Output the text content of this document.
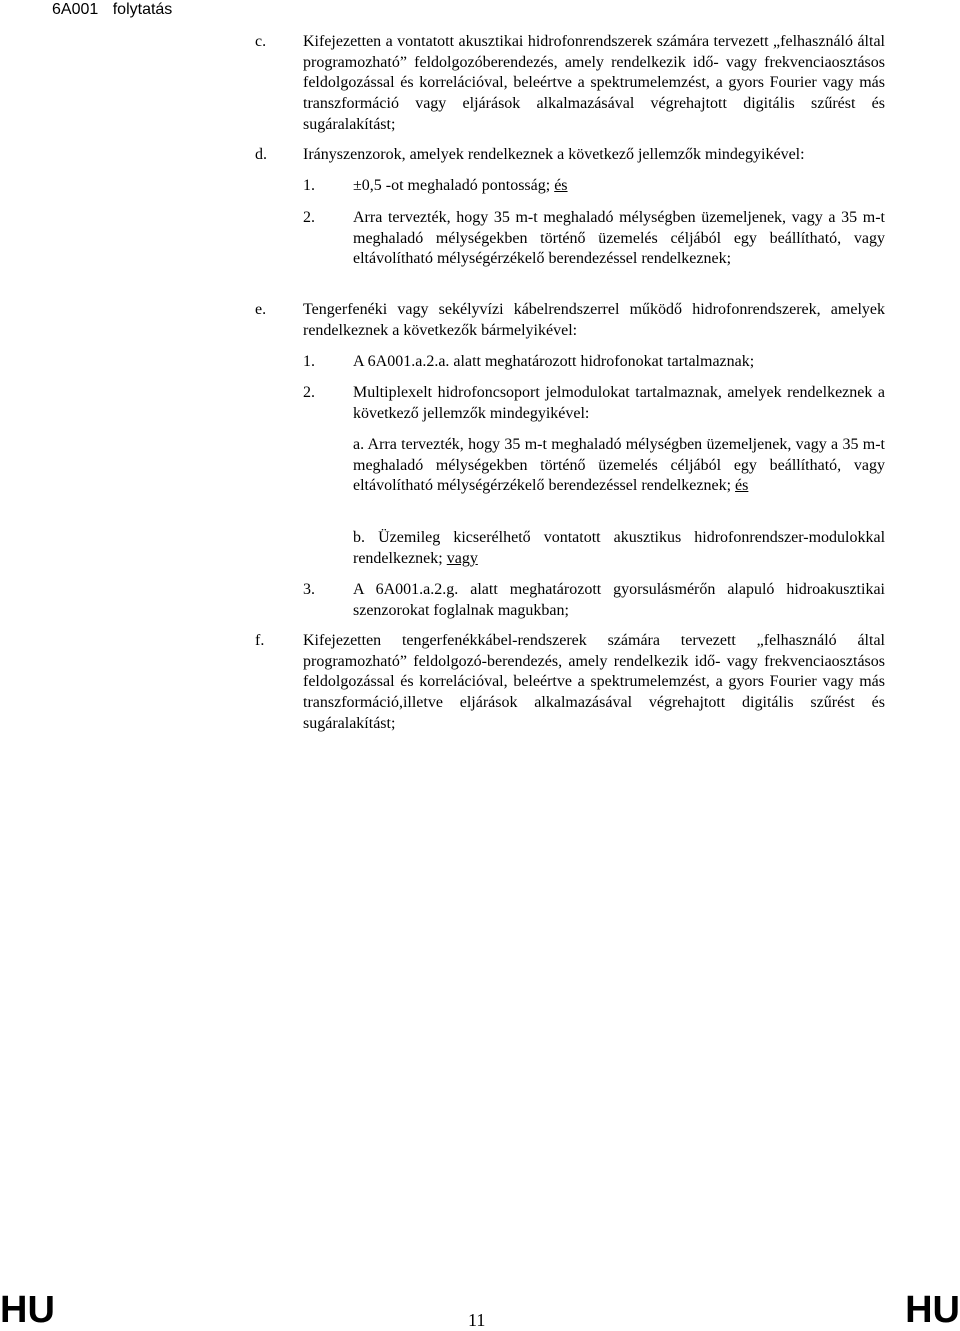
6A001 folytatás
c. Kifejezetten a vontatott akusztikai hidrofonrendszerek számára tervezett „felhasználó által programozható” feldolgozóberendezés, amely rendelkezik idő- vagy frekvenciaosztásos feldolgozással és korrelációval, beleértve a spektrumelemzést, a gyors Fourier vagy más transzformáció vagy eljárások alkalmazásával végrehajtott digitális szűrést és sugáralakítást;
d. Irányszenzorok, amelyek rendelkeznek a következő jellemzők mindegyikével:
1. ±0,5 -ot meghaladó pontosság; és
2. Arra tervezték, hogy 35 m-t meghaladó mélységben üzemeljenek, vagy a 35 m-t meghaladó mélységekben történő üzemelés céljából egy beállítható, vagy eltávolítható mélységérzékelő berendezéssel rendelkeznek;
e. Tengerfenéki vagy sekélyvízi kábelrendszerrel működő hidrofonrendszerek, amelyek rendelkeznek a következők bármelyikével:
1. A 6A001.a.2.a. alatt meghatározott hidrofonokat tartalmaznak;
2. Multiplexelt hidrofoncsoport jelmodulokat tartalmaznak, amelyek rendelkeznek a következő jellemzők mindegyikével:
a. Arra tervezték, hogy 35 m-t meghaladó mélységben üzemeljenek, vagy a 35 m-t meghaladó mélységekben történő üzemelés céljából egy beállítható, vagy eltávolítható mélységérzékelő berendezéssel rendelkeznek; és
b. Üzemileg kicserélhető vontatott akusztikus hidrofonrendszer-modulokkal rendelkeznek; vagy
3. A 6A001.a.2.g. alatt meghatározott gyorsulásmérőn alapuló hidroakusztikai szenzorokat foglalnak magukban;
f. Kifejezetten tengerfenékkábel-rendszerek számára tervezett „felhasználó által programozható” feldolgozó-berendezés, amely rendelkezik idő- vagy frekvenciaosztásos feldolgozással és korrelációval, beleértve a spektrumelemzést, a gyors Fourier vagy más transzformáció,illetve eljárások alkalmazásával végrehajtott digitális szűrést és sugáralakítást;
HU	11	HU
